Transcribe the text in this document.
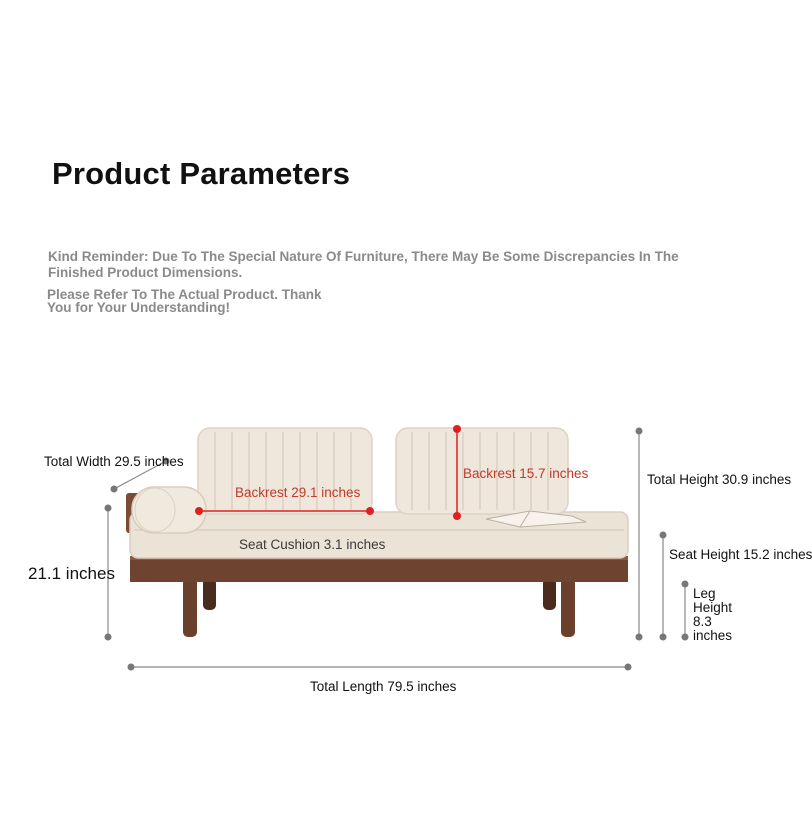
Product Parameters
Kind Reminder: Due To The Special Nature Of Furniture, There May Be Some Discrepancies In The Finished Product Dimensions.
Please Refer To The Actual Product. Thank You for Your Understanding!
Total Width 29.5 inches
Backrest 29.1 inches
Backrest 15.7 inches	Total Height 30.9 inches
Seat Cushion 3.1 inches
Seat Height 15.2 inches
21.1 inches
Leg Height 8.3 inches
Total Length 79.5 inches
